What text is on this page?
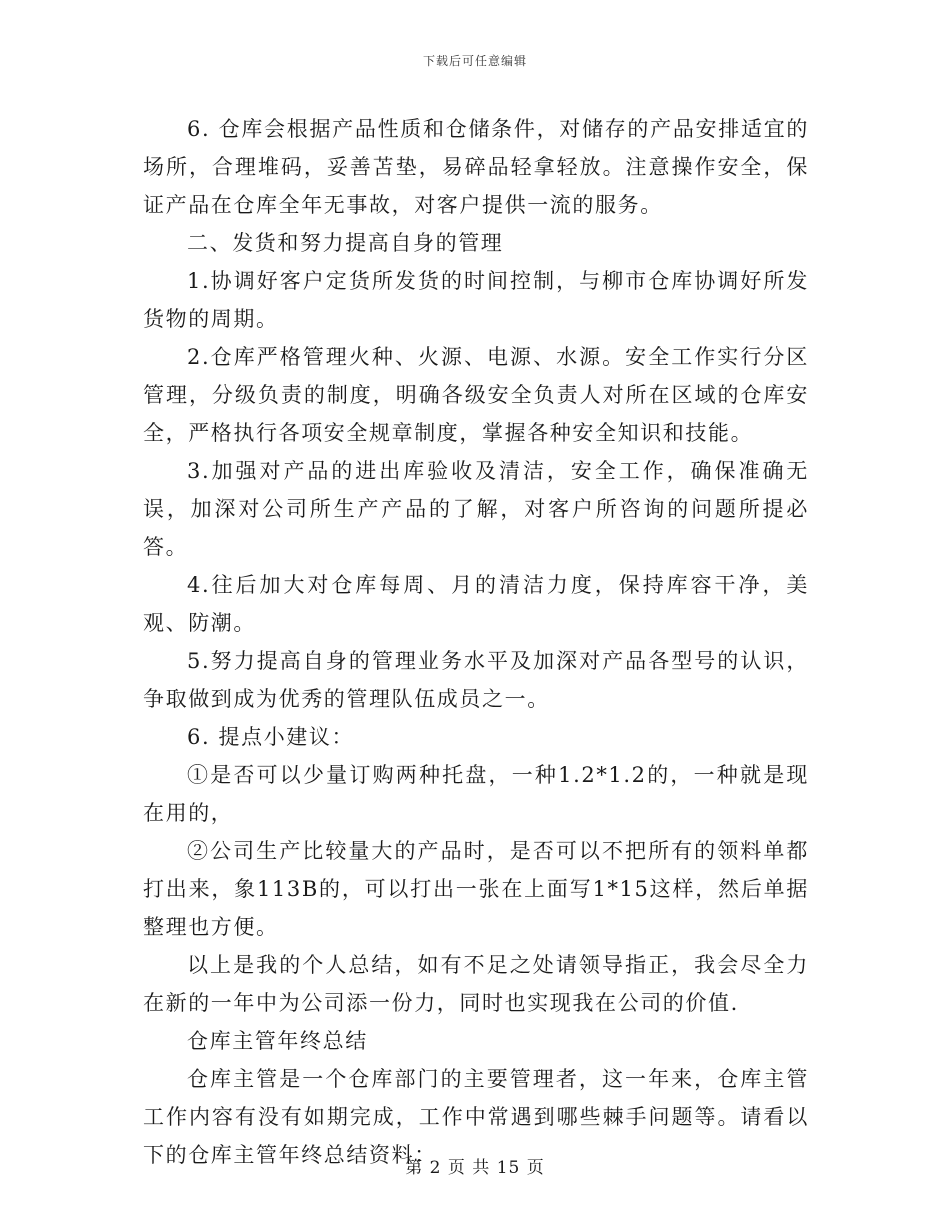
下载后可任意编辑

6. 仓库会根据产品性质和仓储条件，对储存的产品安排适宜的场所，合理堆码，妥善苫垫，易碎品轻拿轻放。注意操作安全，保证产品在仓库全年无事故，对客户提供一流的服务。

二、发货和努力提高自身的管理

1.协调好客户定货所发货的时间控制，与柳市仓库协调好所发货物的周期。

2.仓库严格管理火种、火源、电源、水源。安全工作实行分区管理，分级负责的制度，明确各级安全负责人对所在区域的仓库安全，严格执行各项安全规章制度，掌握各种安全知识和技能。

3.加强对产品的进出库验收及清洁，安全工作，确保准确无误，加深对公司所生产产品的了解，对客户所咨询的问题所提必答。

4.往后加大对仓库每周、月的清洁力度，保持库容干净，美观、防潮。

5.努力提高自身的管理业务水平及加深对产品各型号的认识，争取做到成为优秀的管理队伍成员之一。

6. 提点小建议：

①是否可以少量订购两种托盘，一种1.2*1.2的，一种就是现在用的，

②公司生产比较量大的产品时，是否可以不把所有的领料单都打出来，象113B的，可以打出一张在上面写1*15这样，然后单据整理也方便。

以上是我的个人总结，如有不足之处请领导指正，我会尽全力在新的一年中为公司添一份力，同时也实现我在公司的价值.

仓库主管年终总结

仓库主管是一个仓库部门的主要管理者，这一年来，仓库主管工作内容有没有如期完成，工作中常遇到哪些棘手问题等。请看以下的仓库主管年终总结资料：

第 2 页 共 15 页
